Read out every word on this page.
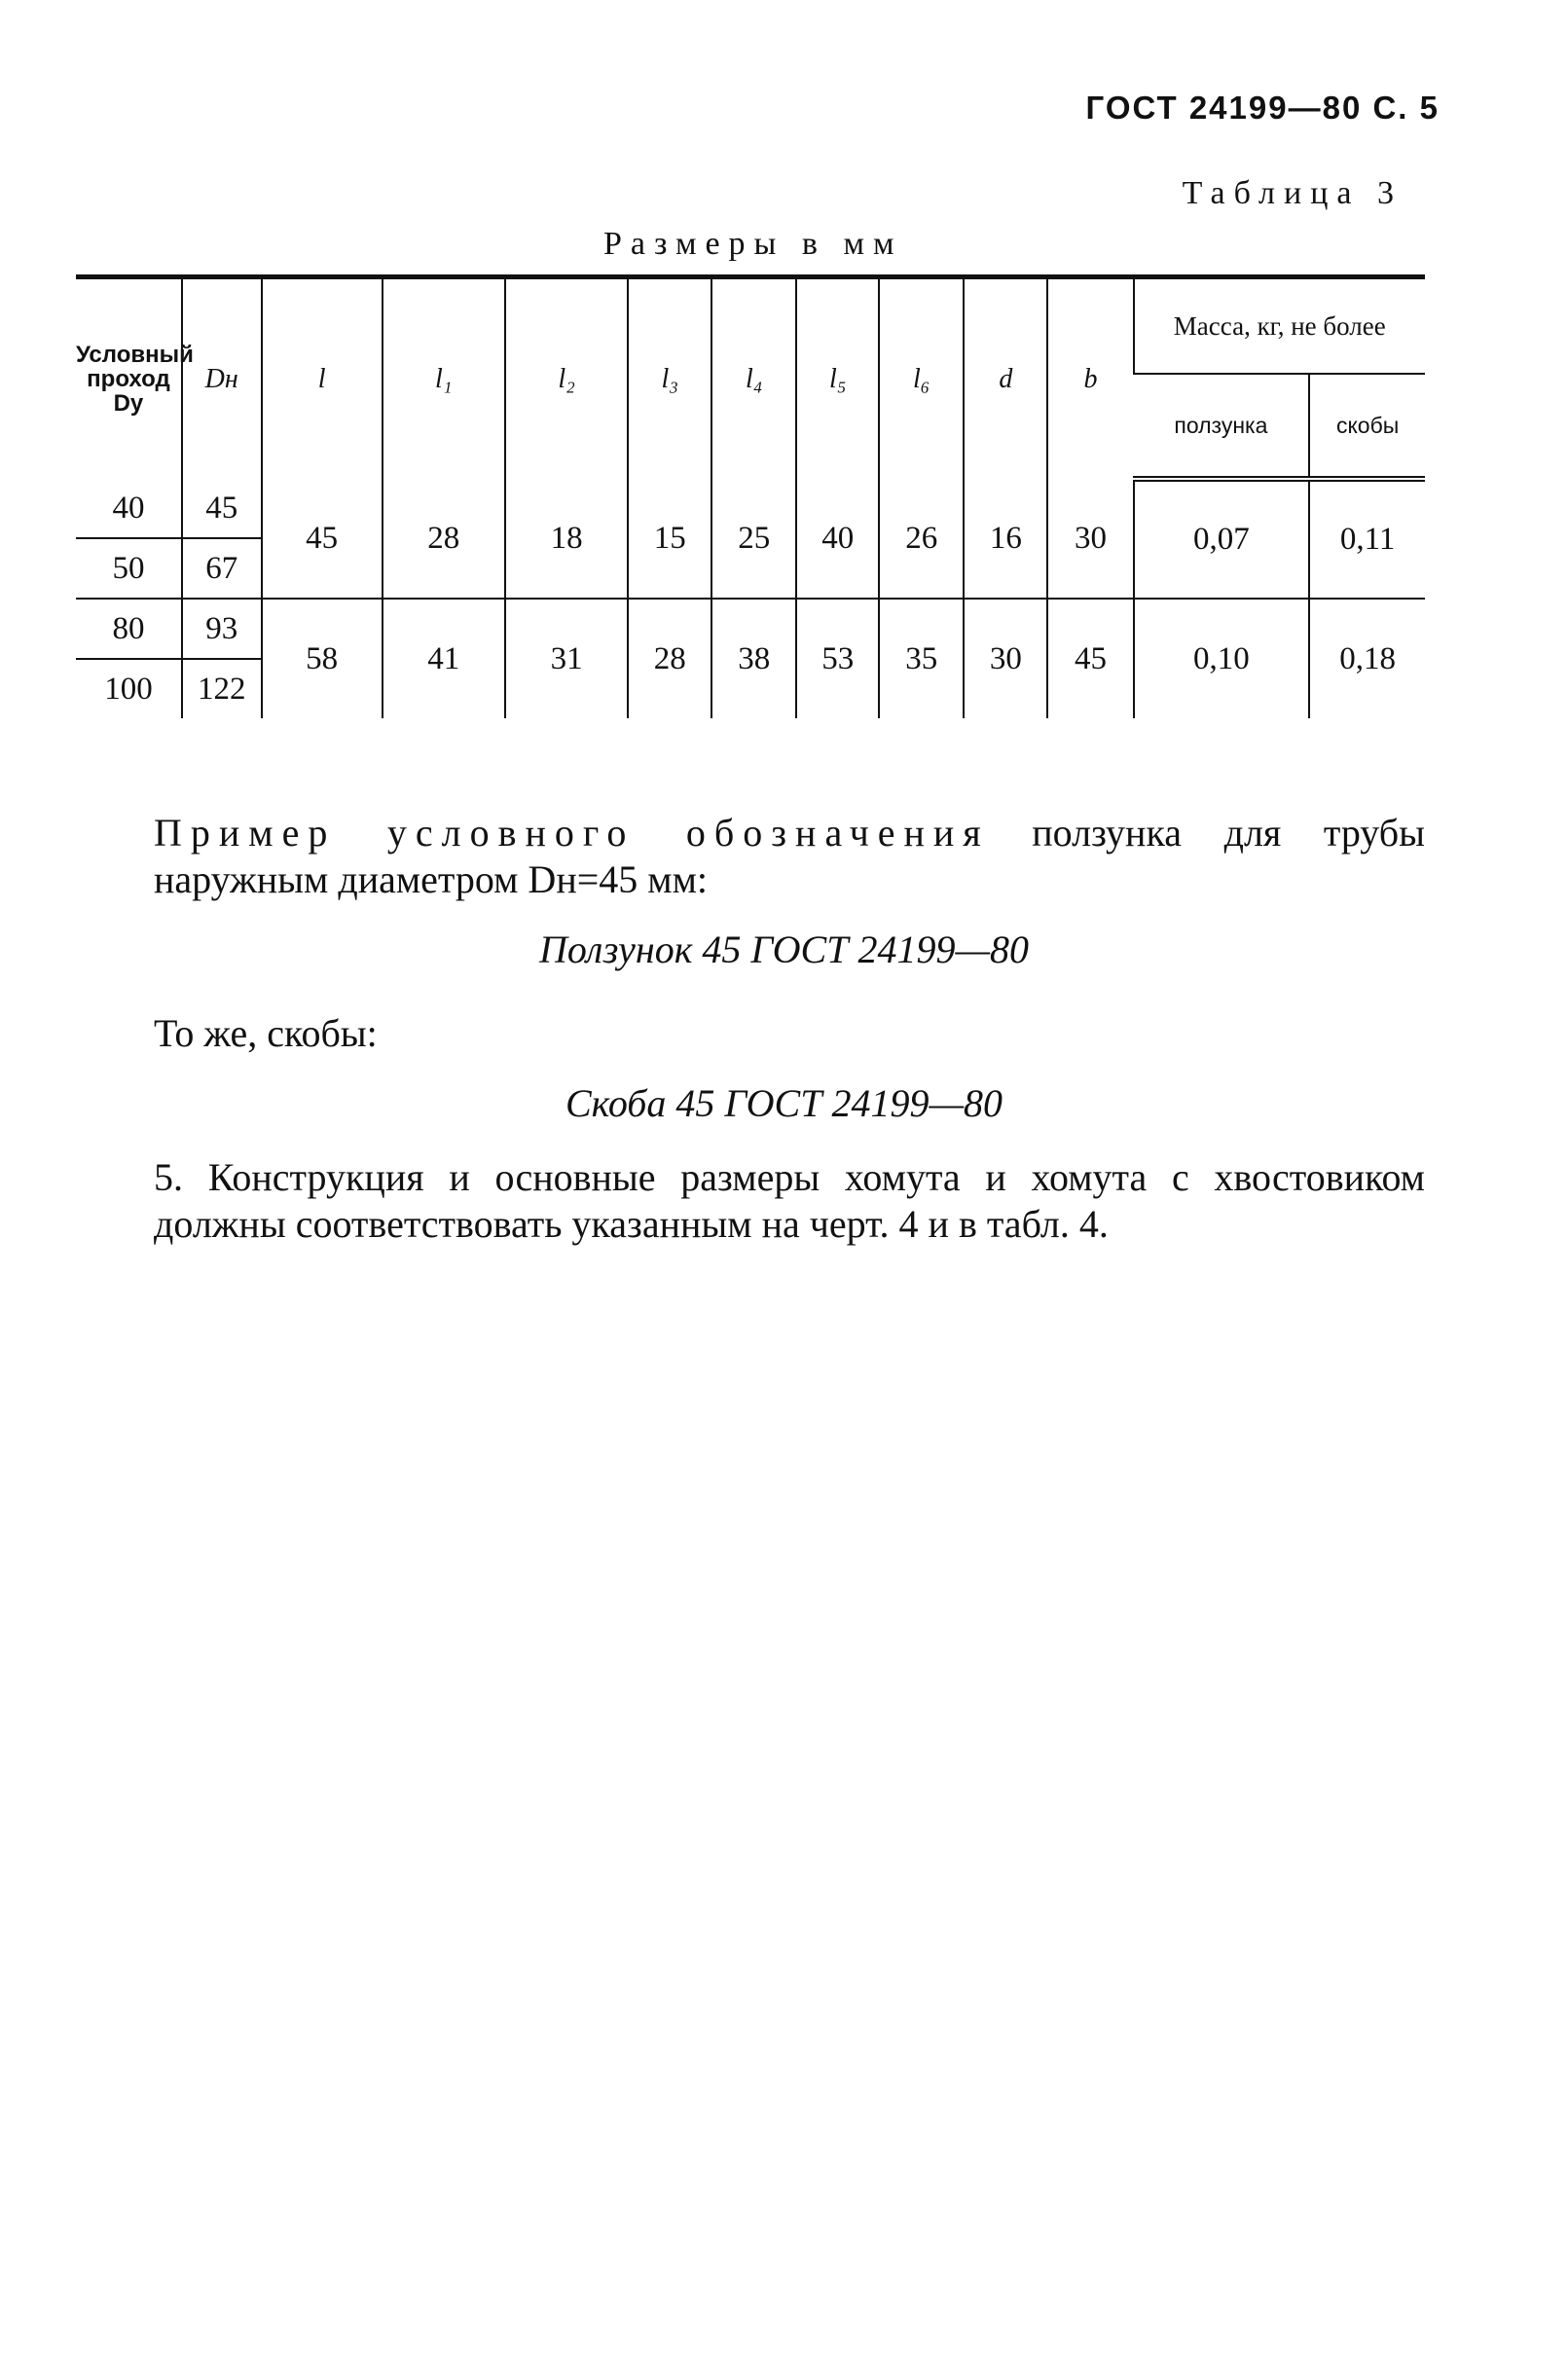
ГОСТ 24199—80 С. 5
Таблица 3
Размеры в мм
Условный проход Dу	Dн	l	l₁	l₂	l₃	l₄	l₅	l₆	d	b	Масса, кг, не более	
											ползунка	скобы
40	45	45	28	18	15	25	40	26	16	30	0,07	0,11
50	67											
80	93	58	41	31	28	38	53	35	30	45	0,10	0,18
100	122											
Пример условного обозначения ползунка для трубы наружным диаметром Dн=45 мм:
Ползунок 45 ГОСТ 24199—80
То же, скобы:
Скоба 45 ГОСТ 24199—80
5. Конструкция и основные размеры хомута и хомута с хвостовиком должны соответствовать указанным на черт. 4 и в табл. 4.
